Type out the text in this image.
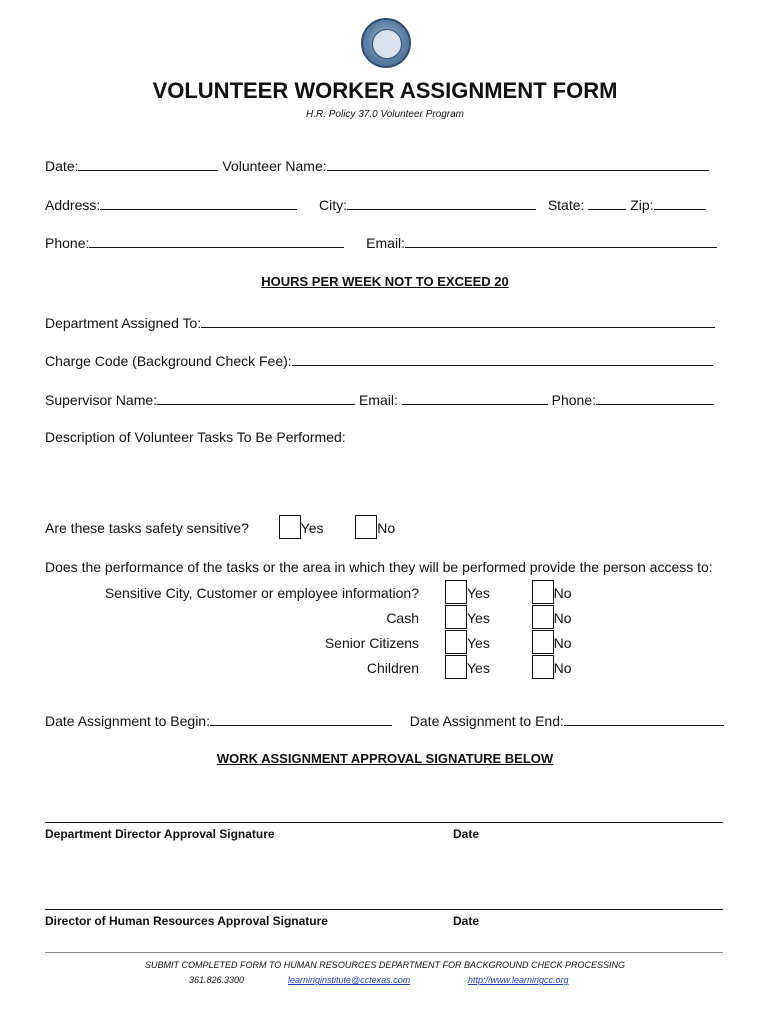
VOLUNTEER WORKER ASSIGNMENT FORM
H.R. Policy 37.0 Volunteer Program
Date:	Volunteer Name:
Address:	City:	State:	Zip:
Phone:	Email:
HOURS PER WEEK NOT TO EXCEED 20
Department Assigned To:
Charge Code (Background Check Fee):
Supervisor Name:	Email:	Phone:
Description of Volunteer Tasks To Be Performed:
Are these tasks safety sensitive?	Yes	No
Does the performance of the tasks or the area in which they will be performed provide the person access to:
Sensitive City, Customer or employee information?	Yes	No
Cash	Yes	No
Senior Citizens	Yes	No
Children	Yes	No
Date Assignment to Begin:	Date Assignment to End:
WORK ASSIGNMENT APPROVAL SIGNATURE BELOW
Department Director Approval Signature	Date
Director of Human Resources Approval Signature	Date
SUBMIT COMPLETED FORM TO HUMAN RESOURCES DEPARTMENT FOR BACKGROUND CHECK PROCESSING
361.826.3300	learninginstitute@cctexas.com	http://www.learningcc.org
